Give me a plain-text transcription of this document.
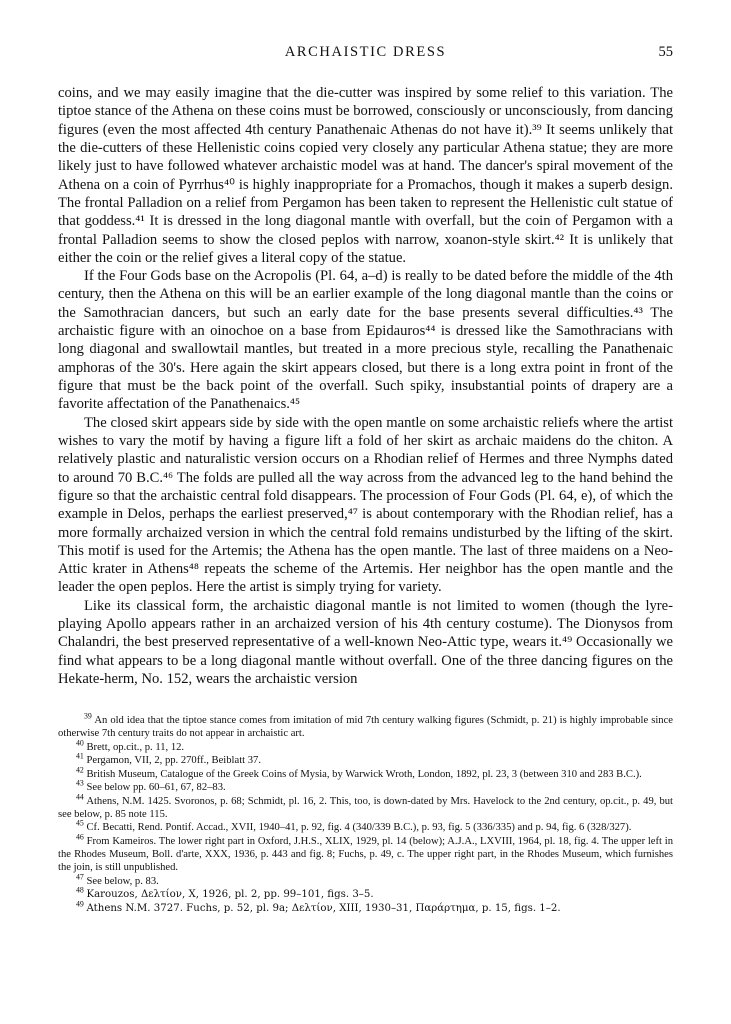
ARCHAISTIC DRESS	55

coins, and we may easily imagine that the die-cutter was inspired by some relief to this variation. The tiptoe stance of the Athena on these coins must be borrowed, consciously or unconsciously, from dancing figures (even the most affected 4th century Panathenaic Athenas do not have it).³⁹ It seems unlikely that the die-cutters of these Hellenistic coins copied very closely any particular Athena statue; they are more likely just to have followed whatever archaistic model was at hand. The dancer's spiral movement of the Athena on a coin of Pyrrhus⁴⁰ is highly inappropriate for a Promachos, though it makes a superb design. The frontal Palladion on a relief from Pergamon has been taken to represent the Hellenistic cult statue of that goddess.⁴¹ It is dressed in the long diagonal mantle with overfall, but the coin of Pergamon with a frontal Palladion seems to show the closed peplos with narrow, xoanon-style skirt.⁴² It is unlikely that either the coin or the relief gives a literal copy of the statue.

If the Four Gods base on the Acropolis (Pl. 64, a–d) is really to be dated before the middle of the 4th century, then the Athena on this will be an earlier example of the long diagonal mantle than the coins or the Samothracian dancers, but such an early date for the base presents several difficulties.⁴³ The archaistic figure with an oinochoe on a base from Epidauros⁴⁴ is dressed like the Samothracians with long diagonal and swallowtail mantles, but treated in a more precious style, recalling the Panathenaic amphoras of the 30's. Here again the skirt appears closed, but there is a long extra point in front of the figure that must be the back point of the overfall. Such spiky, insubstantial points of drapery are a favorite affectation of the Panathenaics.⁴⁵

The closed skirt appears side by side with the open mantle on some archaistic reliefs where the artist wishes to vary the motif by having a figure lift a fold of her skirt as archaic maidens do the chiton. A relatively plastic and naturalistic version occurs on a Rhodian relief of Hermes and three Nymphs dated to around 70 B.C.⁴⁶ The folds are pulled all the way across from the advanced leg to the hand behind the figure so that the archaistic central fold disappears. The procession of Four Gods (Pl. 64, e), of which the example in Delos, perhaps the earliest preserved,⁴⁷ is about contemporary with the Rhodian relief, has a more formally archaized version in which the central fold remains undisturbed by the lifting of the skirt. This motif is used for the Artemis; the Athena has the open mantle. The last of three maidens on a Neo-Attic krater in Athens⁴⁸ repeats the scheme of the Artemis. Her neighbor has the open mantle and the leader the open peplos. Here the artist is simply trying for variety.

Like its classical form, the archaistic diagonal mantle is not limited to women (though the lyre-playing Apollo appears rather in an archaized version of his 4th century costume). The Dionysos from Chalandri, the best preserved representative of a well-known Neo-Attic type, wears it.⁴⁹ Occasionally we find what appears to be a long diagonal mantle without overfall. One of the three dancing figures on the Hekate-herm, No. 152, wears the archaistic version

$^{39}$ An old idea that the tiptoe stance comes from imitation of mid 7th century walking figures (Schmidt, p. 21) is highly improbable since otherwise 7th century traits do not appear in archaistic art.

$^{40}$ Brett, op.cit., p. 11, 12.

$^{41}$ Pergamon, VII, 2, pp. 270ff., Beiblatt 37.

$^{42}$ British Museum, Catalogue of the Greek Coins of Mysia, by Warwick Wroth, London, 1892, pl. 23, 3 (between 310 and 283 B.C.).

$^{43}$ See below pp. 60–61, 67, 82–83.

$^{44}$ Athens, N.M. 1425. Svoronos, p. 68; Schmidt, pl. 16, 2. This, too, is down-dated by Mrs. Havelock to the 2nd century, op.cit., p. 49, but see below, p. 85 note 115.

$^{45}$ Cf. Becatti, Rend. Pontif. Accad., XVII, 1940–41, p. 92, fig. 4 (340/339 B.C.), p. 93, fig. 5 (336/335) and p. 94, fig. 6 (328/327).

$^{46}$ From Kameiros. The lower right part in Oxford, J.H.S., XLIX, 1929, pl. 14 (below); A.J.A., LXVIII, 1964, pl. 18, fig. 4. The upper left in the Rhodes Museum, Boll. d'arte, XXX, 1936, p. 443 and fig. 8; Fuchs, p. 49, c. The upper right part, in the Rhodes Museum, which furnishes the join, is still unpublished.

$^{47}$ See below, p. 83.

$^{48}$ Karouzos, Δελτίον, X, 1926, pl. 2, pp. 99–101, figs. 3–5.

$^{49}$ Athens N.M. 3727. Fuchs, p. 52, pl. 9a; Δελτίον, XIII, 1930–31, Παράρτημα, p. 15, figs. 1–2.
